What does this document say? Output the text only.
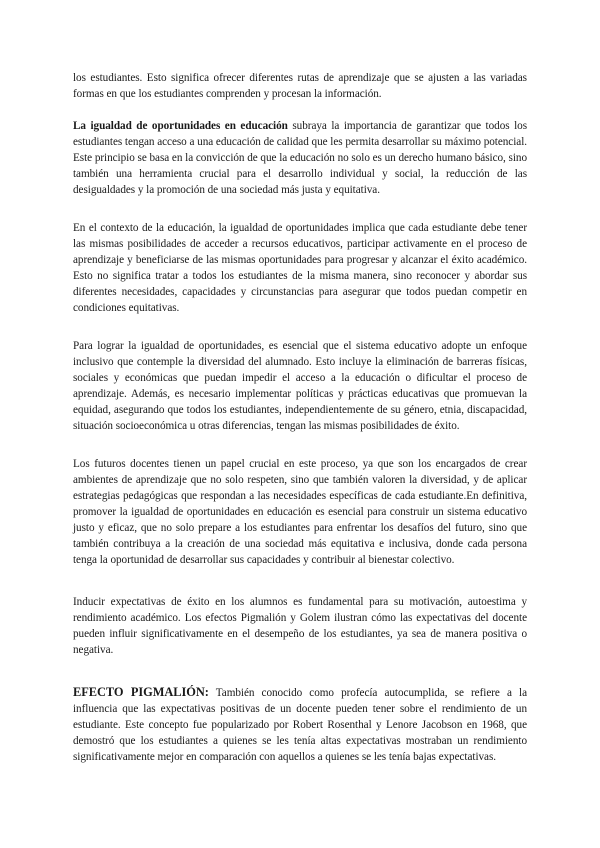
los estudiantes. Esto significa ofrecer diferentes rutas de aprendizaje que se ajusten a las variadas formas en que los estudiantes comprenden y procesan la información.

La igualdad de oportunidades en educación subraya la importancia de garantizar que todos los estudiantes tengan acceso a una educación de calidad que les permita desarrollar su máximo potencial. Este principio se basa en la convicción de que la educación no solo es un derecho humano básico, sino también una herramienta crucial para el desarrollo individual y social, la reducción de las desigualdades y la promoción de una sociedad más justa y equitativa.

En el contexto de la educación, la igualdad de oportunidades implica que cada estudiante debe tener las mismas posibilidades de acceder a recursos educativos, participar activamente en el proceso de aprendizaje y beneficiarse de las mismas oportunidades para progresar y alcanzar el éxito académico. Esto no significa tratar a todos los estudiantes de la misma manera, sino reconocer y abordar sus diferentes necesidades, capacidades y circunstancias para asegurar que todos puedan competir en condiciones equitativas.

Para lograr la igualdad de oportunidades, es esencial que el sistema educativo adopte un enfoque inclusivo que contemple la diversidad del alumnado. Esto incluye la eliminación de barreras físicas, sociales y económicas que puedan impedir el acceso a la educación o dificultar el proceso de aprendizaje. Además, es necesario implementar políticas y prácticas educativas que promuevan la equidad, asegurando que todos los estudiantes, independientemente de su género, etnia, discapacidad, situación socioeconómica u otras diferencias, tengan las mismas posibilidades de éxito.

Los futuros docentes tienen un papel crucial en este proceso, ya que son los encargados de crear ambientes de aprendizaje que no solo respeten, sino que también valoren la diversidad, y de aplicar estrategias pedagógicas que respondan a las necesidades específicas de cada estudiante.En definitiva, promover la igualdad de oportunidades en educación es esencial para construir un sistema educativo justo y eficaz, que no solo prepare a los estudiantes para enfrentar los desafíos del futuro, sino que también contribuya a la creación de una sociedad más equitativa e inclusiva, donde cada persona tenga la oportunidad de desarrollar sus capacidades y contribuir al bienestar colectivo.

Inducir expectativas de éxito en los alumnos es fundamental para su motivación, autoestima y rendimiento académico. Los efectos Pigmalión y Golem ilustran cómo las expectativas del docente pueden influir significativamente en el desempeño de los estudiantes, ya sea de manera positiva o negativa.

EFECTO PIGMALIÓN: También conocido como profecía autocumplida, se refiere a la influencia que las expectativas positivas de un docente pueden tener sobre el rendimiento de un estudiante. Este concepto fue popularizado por Robert Rosenthal y Lenore Jacobson en 1968, que demostró que los estudiantes a quienes se les tenía altas expectativas mostraban un rendimiento significativamente mejor en comparación con aquellos a quienes se les tenía bajas expectativas.
